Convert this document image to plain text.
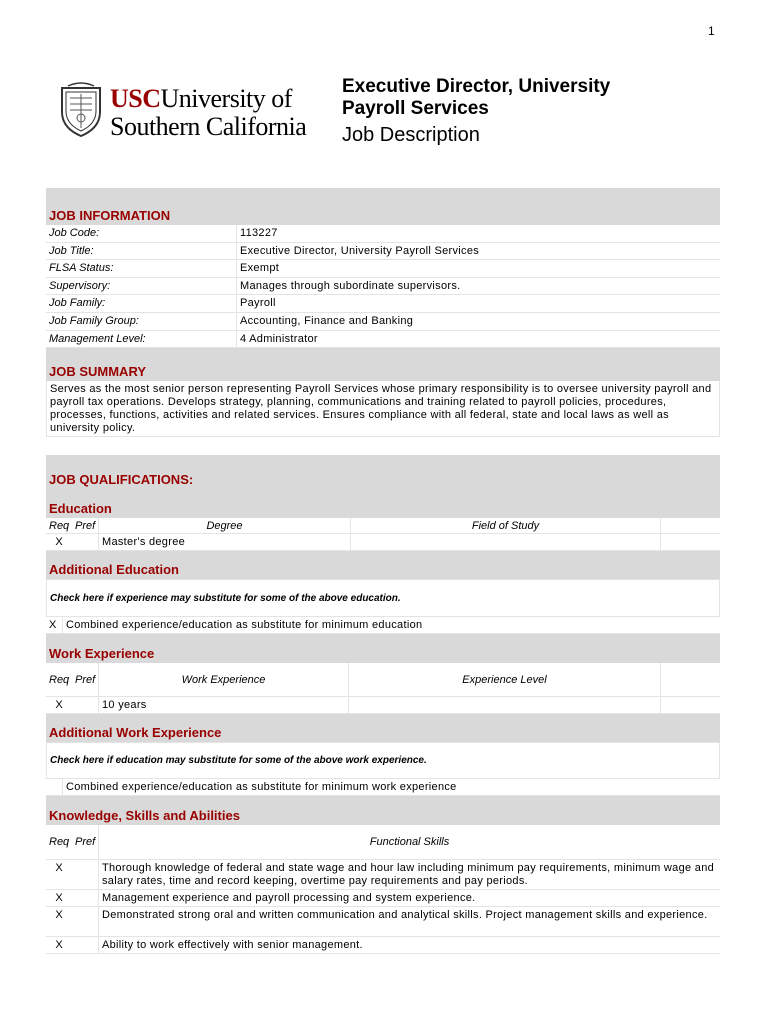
1
USCUniversity of
Southern California
Executive Director, University Payroll Services
Job Description
JOB INFORMATION
Job Code:	113227
Job Title:	Executive Director, University Payroll Services
FLSA Status:	Exempt
Supervisory:	Manages through subordinate supervisors.
Job Family:	Payroll
Job Family Group:	Accounting, Finance and Banking
Management Level:	4 Administrator
JOB SUMMARY
Serves as the most senior person representing Payroll Services whose primary responsibility is to oversee university payroll and payroll tax operations. Develops strategy, planning, communications and training related to payroll policies, procedures, processes, functions, activities and related services. Ensures compliance with all federal, state and local laws as well as university policy.
JOB QUALIFICATIONS:
Education
Req Pref	Degree	Field of Study
X	Master's degree
Additional Education
Check here if experience may substitute for some of the above education.
X Combined experience/education as substitute for minimum education
Work Experience
Req Pref	Work Experience	Experience Level
X	10 years
Additional Work Experience
Check here if education may substitute for some of the above work experience.
Combined experience/education as substitute for minimum work experience
Knowledge, Skills and Abilities
Req Pref	Functional Skills
X	Thorough knowledge of federal and state wage and hour law including minimum pay requirements, minimum wage and salary rates, time and record keeping, overtime pay requirements and pay periods.
X	Management experience and payroll processing and system experience.
X	Demonstrated strong oral and written communication and analytical skills. Project management skills and experience.
X	Ability to work effectively with senior management.
